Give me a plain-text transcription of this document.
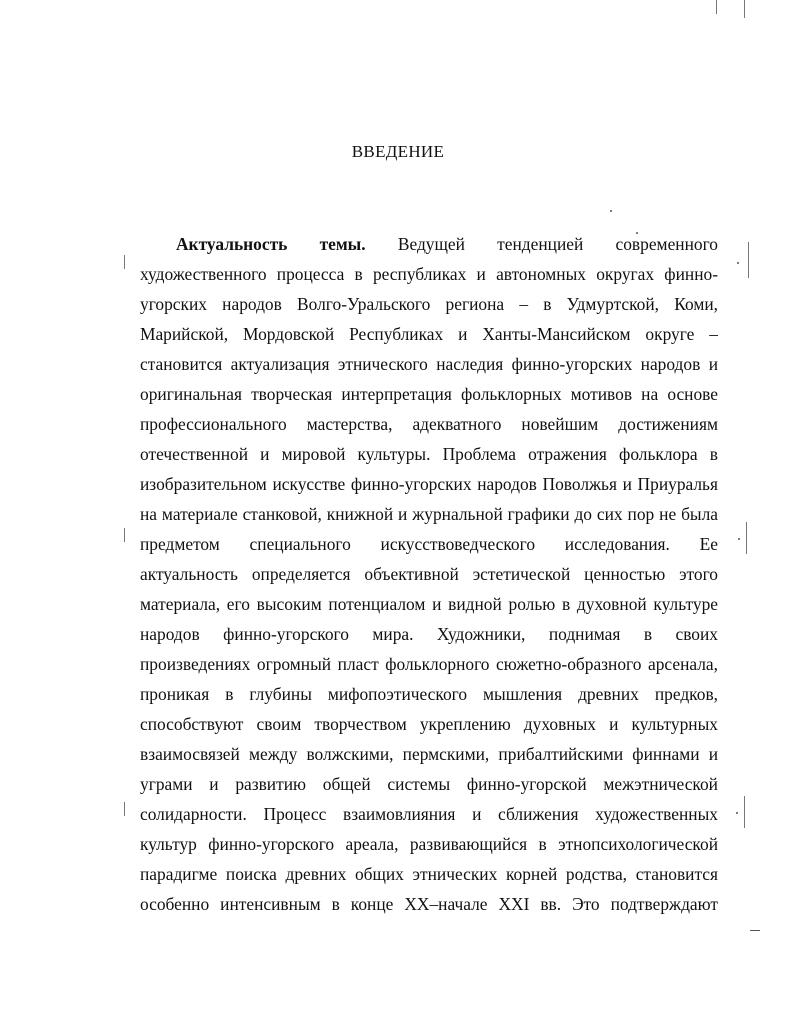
ВВЕДЕНИЕ
Актуальность темы. Ведущей тенденцией современного
художественного процесса в республиках и автономных округах финно-
угорских народов Волго-Уральского региона – в Удмуртской, Коми,
Марийской, Мордовской Республиках и Ханты-Мансийском округе –
становится актуализация этнического наследия финно-угорских народов и
оригинальная творческая интерпретация фольклорных мотивов на основе
профессионального мастерства, адекватного новейшим достижениям
отечественной и мировой культуры. Проблема отражения фольклора в
изобразительном искусстве финно-угорских народов Поволжья и Приуралья
на материале станковой, книжной и журнальной графики до сих пор не была
предметом специального искусствоведческого исследования. Ее
актуальность определяется объективной эстетической ценностью этого
материала, его высоким потенциалом и видной ролью в духовной культуре
народов финно-угорского мира. Художники, поднимая в своих
произведениях огромный пласт фольклорного сюжетно-образного арсенала,
проникая в глубины мифопоэтического мышления древних предков,
способствуют своим творчеством укреплению духовных и культурных
взаимосвязей между волжскими, пермскими, прибалтийскими финнами и
уграми и развитию общей системы финно-угорской межэтнической
солидарности. Процесс взаимовлияния и сближения художественных
культур финно-угорского ареала, развивающийся в этнопсихологической
парадигме поиска древних общих этнических корней родства, становится
особенно интенсивным в конце XX–начале XXI вв. Это подтверждают
